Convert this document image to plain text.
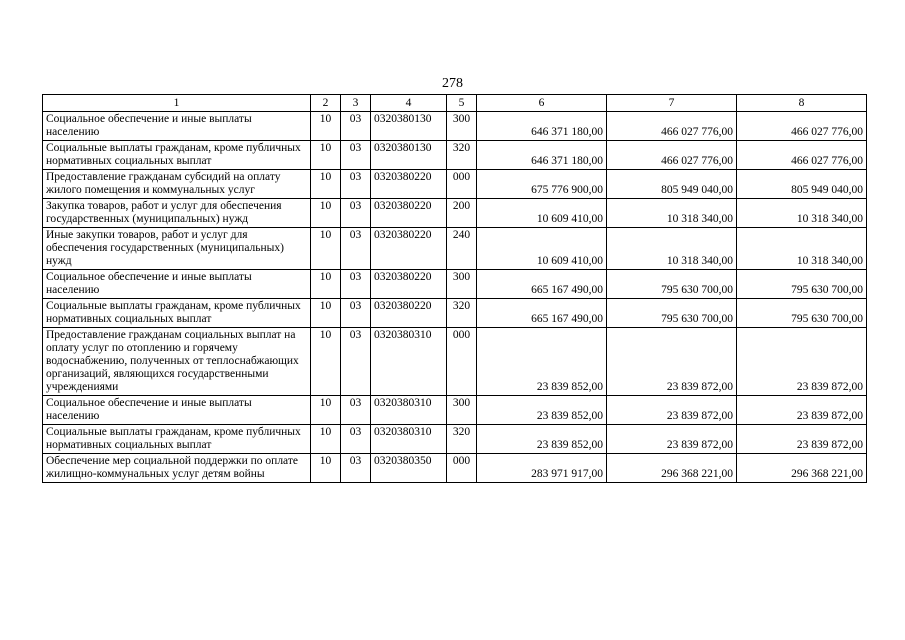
278
1	2	3	4	5	6	7	8
Социальное обеспечение и иные выплаты населению	10	03	0320380130	300	646 371 180,00	466 027 776,00	466 027 776,00
Социальные выплаты гражданам, кроме публичных нормативных социальных выплат	10	03	0320380130	320	646 371 180,00	466 027 776,00	466 027 776,00
Предоставление гражданам субсидий на оплату жилого помещения и коммунальных услуг	10	03	0320380220	000	675 776 900,00	805 949 040,00	805 949 040,00
Закупка товаров, работ и услуг для обеспечения государственных (муниципальных) нужд	10	03	0320380220	200	10 609 410,00	10 318 340,00	10 318 340,00
Иные закупки товаров, работ и услуг для обеспечения государственных (муниципальных) нужд	10	03	0320380220	240	10 609 410,00	10 318 340,00	10 318 340,00
Социальное обеспечение и иные выплаты населению	10	03	0320380220	300	665 167 490,00	795 630 700,00	795 630 700,00
Социальные выплаты гражданам, кроме публичных нормативных социальных выплат	10	03	0320380220	320	665 167 490,00	795 630 700,00	795 630 700,00
Предоставление гражданам социальных выплат на оплату услуг по отоплению и горячему водоснабжению, полученных от теплоснабжающих организаций, являющихся государственными учреждениями	10	03	0320380310	000	23 839 852,00	23 839 872,00	23 839 872,00
Социальное обеспечение и иные выплаты населению	10	03	0320380310	300	23 839 852,00	23 839 872,00	23 839 872,00
Социальные выплаты гражданам, кроме публичных нормативных социальных выплат	10	03	0320380310	320	23 839 852,00	23 839 872,00	23 839 872,00
Обеспечение мер социальной поддержки по оплате жилищно-коммунальных услуг детям войны	10	03	0320380350	000	283 971 917,00	296 368 221,00	296 368 221,00
